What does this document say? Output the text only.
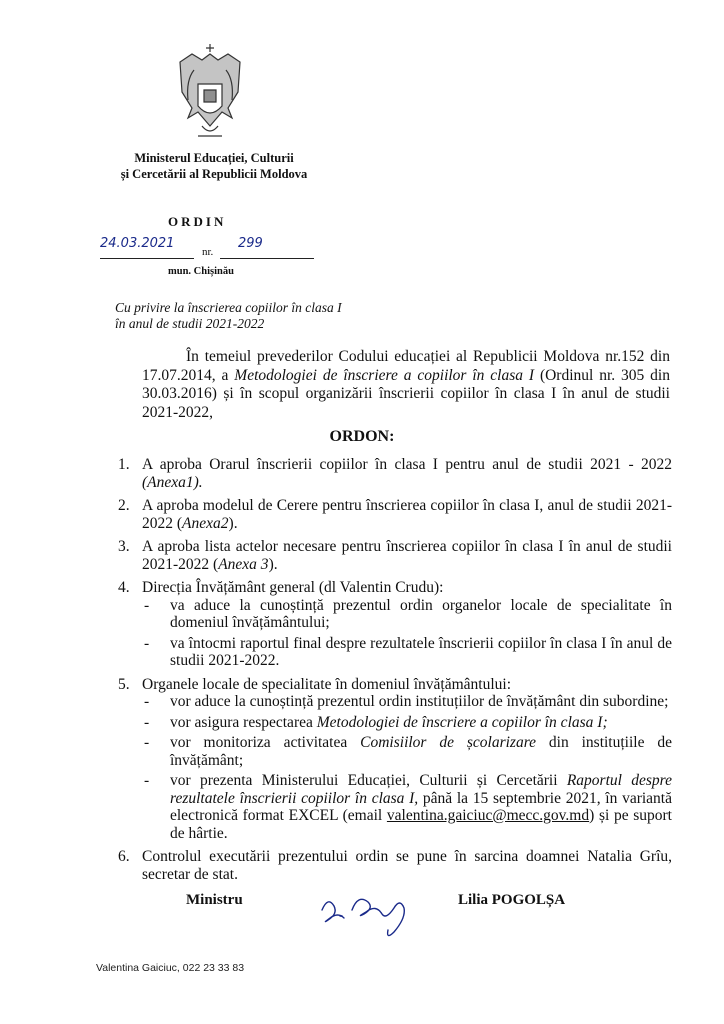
Ministerul Educației, Culturii
și Cercetării al Republicii Moldova
ORDIN
24.03.2021
nr.
299
mun. Chișinău
Cu privire la înscrierea copiilor în clasa I
în anul de studii 2021-2022
În temeiul prevederilor Codului educației al Republicii Moldova nr.152 din 17.07.2014, a Metodologiei de înscriere a copiilor în clasa I (Ordinul nr. 305 din 30.03.2016) și în scopul organizării înscrierii copiilor în clasa I în anul de studii 2021-2022,
ORDON:
1. A aproba Orarul înscrierii copiilor în clasa I pentru anul de studii 2021 - 2022 (Anexa1).
2. A aproba modelul de Cerere pentru înscrierea copiilor în clasa I, anul de studii 2021-2022 (Anexa2).
3. A aproba lista actelor necesare pentru înscrierea copiilor în clasa I în anul de studii 2021-2022 (Anexa 3).
4. Direcția Învățământ general (dl Valentin Crudu):
- va aduce la cunoștință prezentul ordin organelor locale de specialitate în domeniul învățământului;
- va întocmi raportul final despre rezultatele înscrierii copiilor în clasa I în anul de studii 2021-2022.
5. Organele locale de specialitate în domeniul învățământului:
- vor aduce la cunoștință prezentul ordin instituțiilor de învățământ din subordine;
- vor asigura respectarea Metodologiei de înscriere a copiilor în clasa I;
- vor monitoriza activitatea Comisiilor de școlarizare din instituțiile de învățământ;
- vor prezenta Ministerului Educației, Culturii și Cercetării Raportul despre rezultatele înscrierii copiilor în clasa I, până la 15 septembrie 2021, în variantă electronică format EXCEL (email valentina.gaiciuc@mecc.gov.md) și pe suport de hârtie.
6. Controlul executării prezentului ordin se pune în sarcina doamnei Natalia Grîu, secretar de stat.
Ministru	Lilia POGOLȘA
Valentina Gaiciuc, 022 23 33 83
